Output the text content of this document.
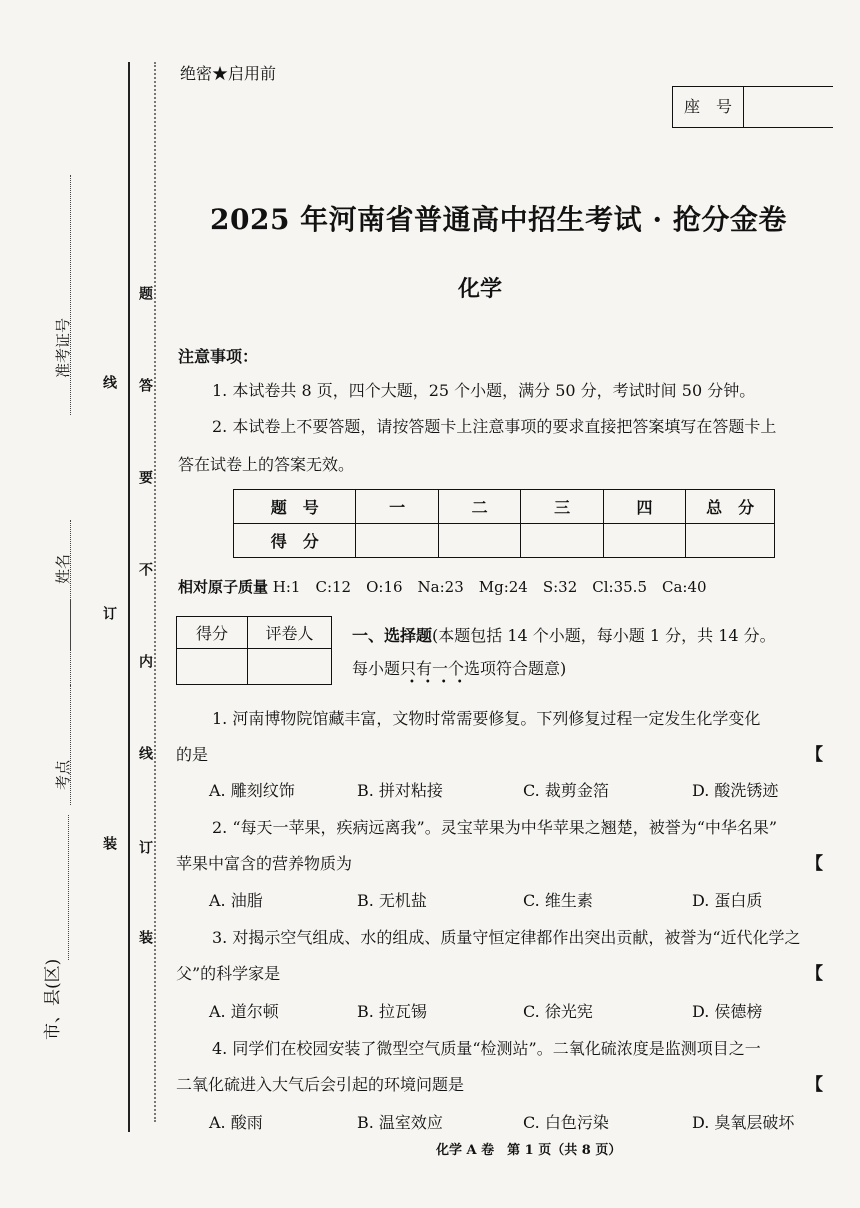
线
订
装
题
答
要
不
内
线
订
装
准考证号
姓名
考点
市、县(区)
绝密★启用前
座　号
2025 年河南省普通高中招生考试 · 抢分金卷
化学
注意事项：
1. 本试卷共 8 页，四个大题，25 个小题，满分 50 分，考试时间 50 分钟。
2. 本试卷上不要答题，请按答题卡上注意事项的要求直接把答案填写在答题卡上
答在试卷上的答案无效。
题　号	一	二	三	四	总　分
得　分					
相对原子质量 H:1　C:12　O:16　Na:23　Mg:24　S:32　Cl:35.5　Ca:40
得分	评卷人
	一、选择题(本题包括 14 个小题，每小题 1 分，共 14 分。
每小题只有一个选项符合题意)
••••
1. 河南博物院馆藏丰富，文物时常需要修复。下列修复过程一定发生化学变化
的是	【
A. 雕刻纹饰	B. 拼对粘接	C. 裁剪金箔	D. 酸洗锈迹
2. “每天一苹果，疾病远离我”。灵宝苹果为中华苹果之翘楚，被誉为“中华名果”
苹果中富含的营养物质为	【
A. 油脂	B. 无机盐	C. 维生素	D. 蛋白质
3. 对揭示空气组成、水的组成、质量守恒定律都作出突出贡献，被誉为“近代化学之
父”的科学家是	【
A. 道尔顿	B. 拉瓦锡	C. 徐光宪	D. 侯德榜
4. 同学们在校园安装了微型空气质量“检测站”。二氧化硫浓度是监测项目之一
二氧化硫进入大气后会引起的环境问题是	【
A. 酸雨	B. 温室效应	C. 白色污染	D. 臭氧层破坏
化学 A 卷　第 1 页（共 8 页）
